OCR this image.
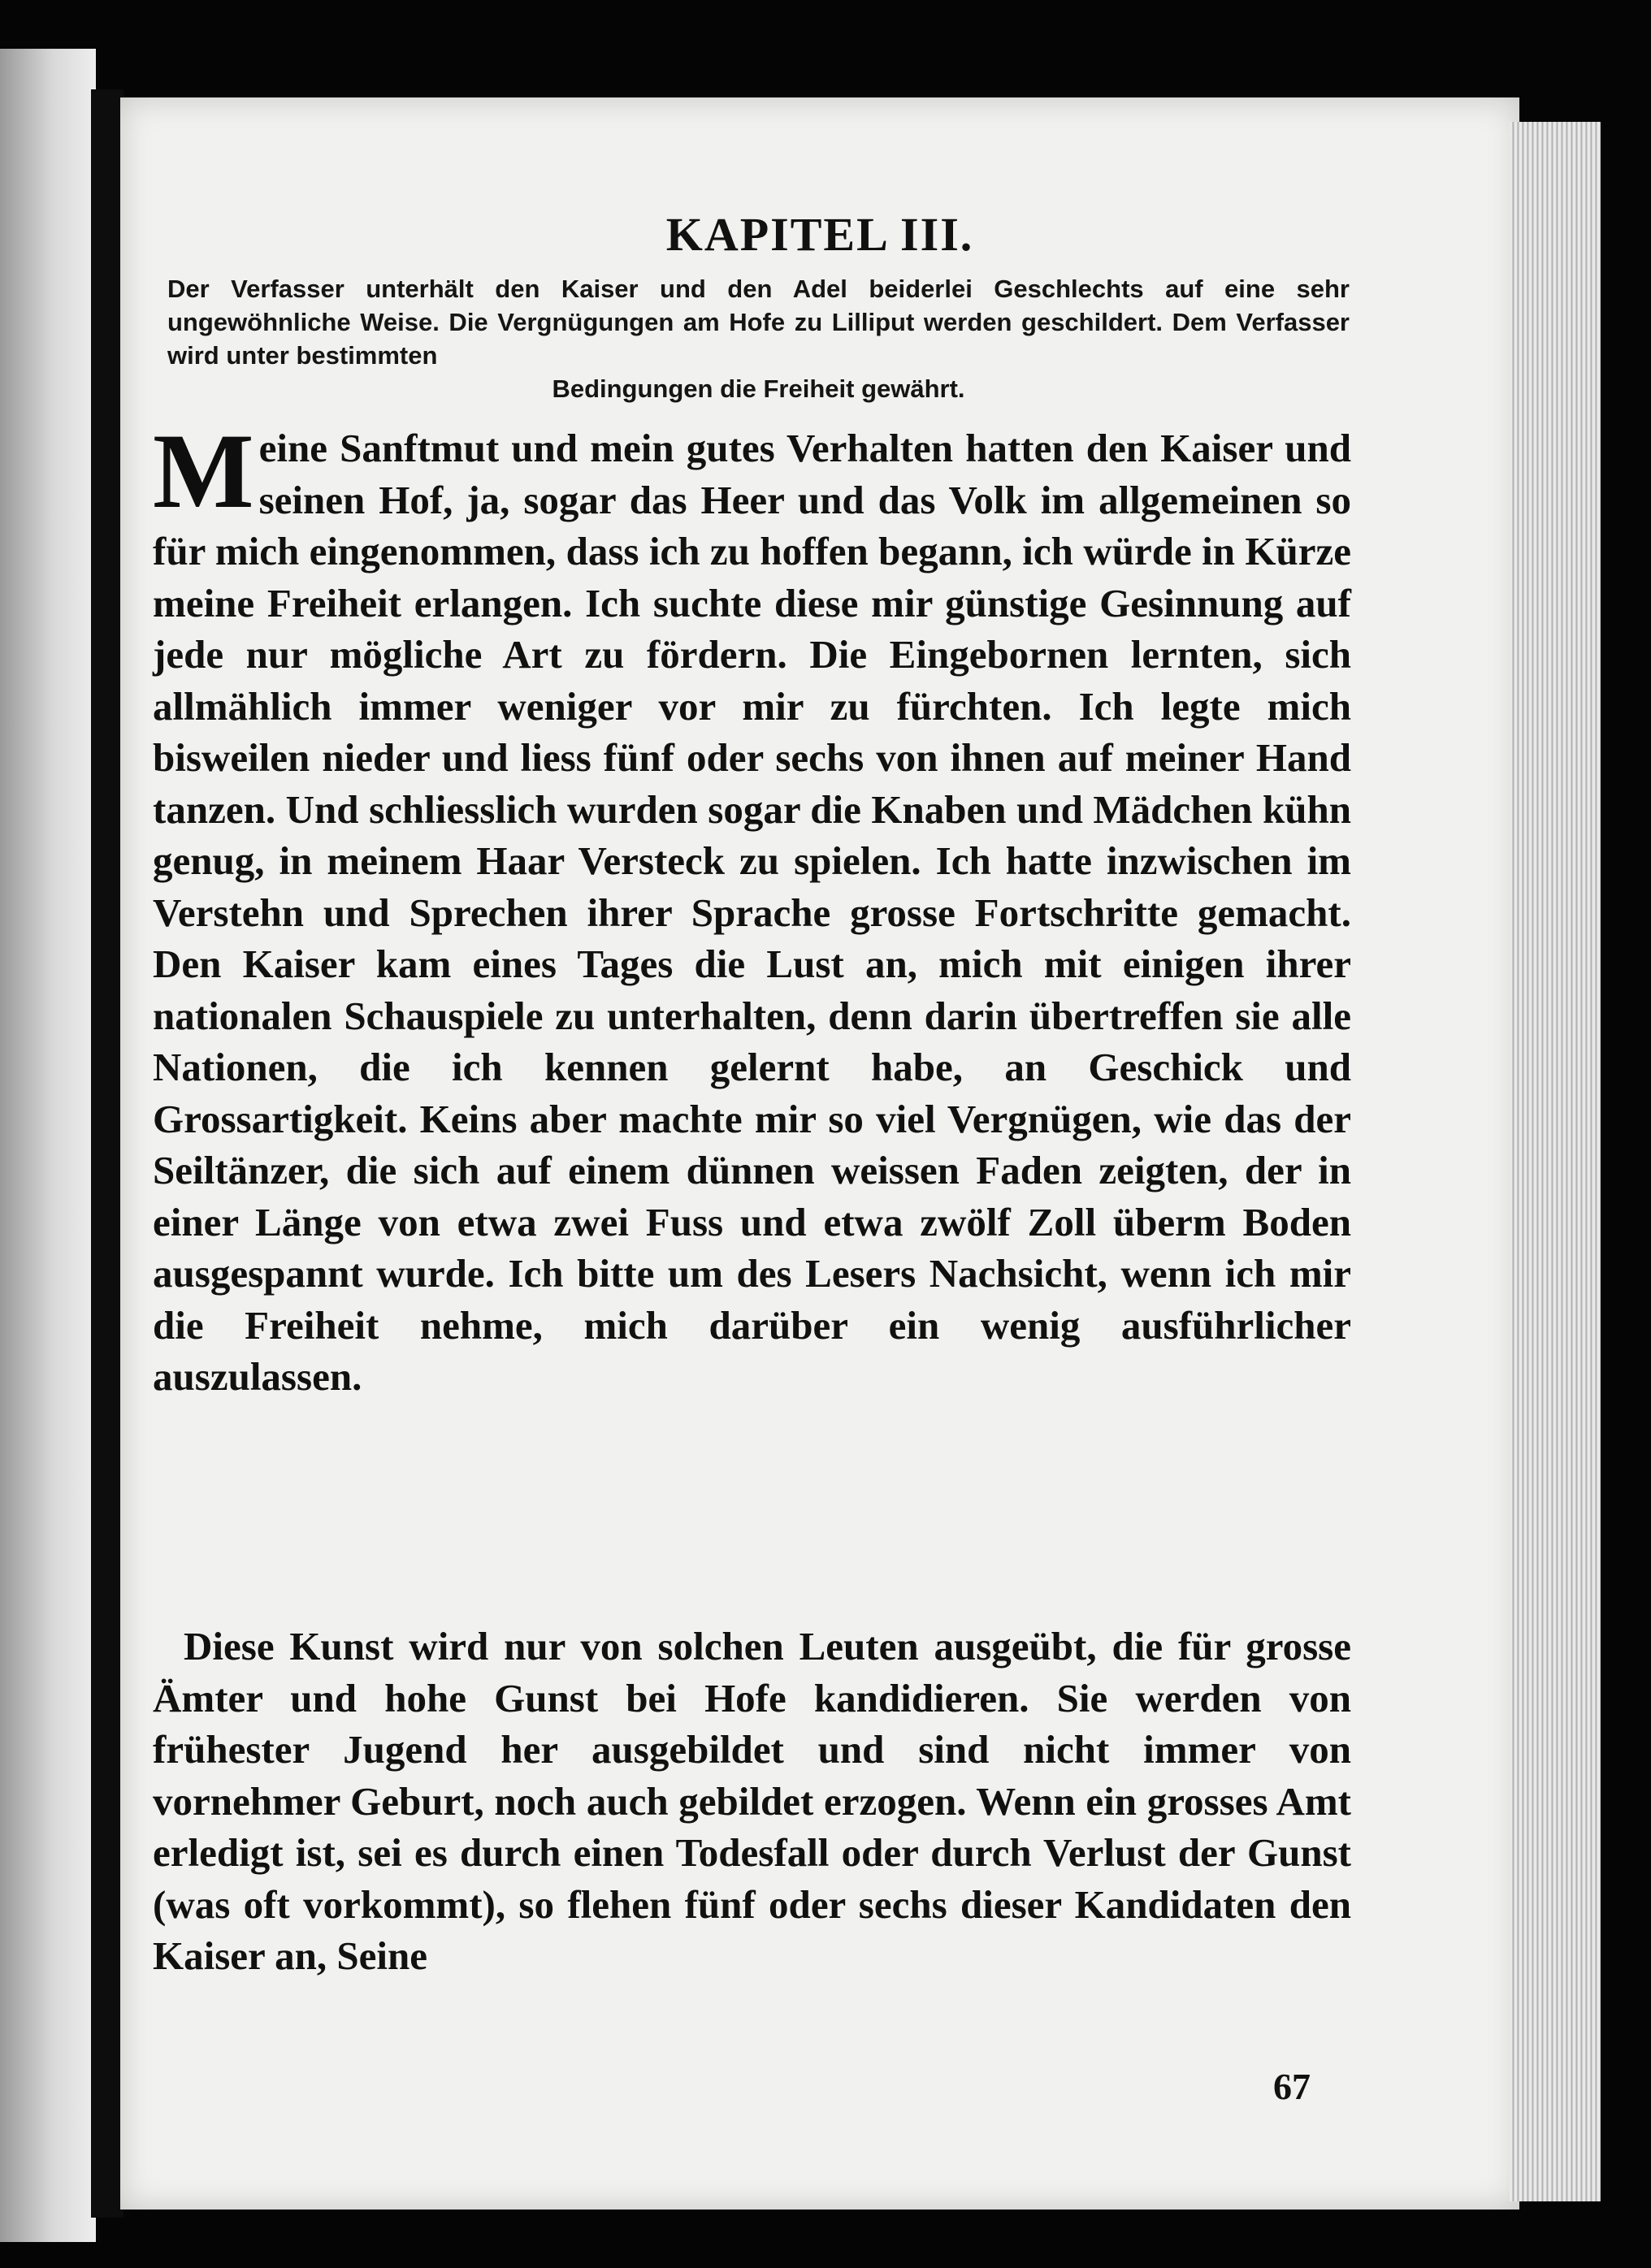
KAPITEL III.
Der Verfasser unterhält den Kaiser und den Adel beiderlei Geschlechts auf eine sehr ungewöhnliche Weise. Die Vergnügungen am Hofe zu Lilliput werden geschildert. Dem Verfasser wird unter bestimmten
Bedingungen die Freiheit gewährt.
M eine Sanftmut und mein gutes Verhalten hatten den Kaiser und seinen Hof, ja, sogar das Heer und das Volk im allgemeinen so für mich eingenommen, dass ich zu hoffen begann, ich würde in Kürze meine Freiheit erlangen. Ich suchte diese mir günstige Gesinnung auf jede nur mögliche Art zu fördern. Die Eingebornen lernten, sich allmählich immer weniger vor mir zu fürchten. Ich legte mich bisweilen nieder und liess fünf oder sechs von ihnen auf meiner Hand tanzen. Und schliesslich wurden sogar die Knaben und Mädchen kühn genug, in meinem Haar Versteck zu spielen. Ich hatte inzwischen im Verstehn und Sprechen ihrer Sprache grosse Fortschritte gemacht. Den Kaiser kam eines Tages die Lust an, mich mit einigen ihrer nationalen Schauspiele zu unterhalten, denn darin übertreffen sie alle Nationen, die ich kennen gelernt habe, an Geschick und Grossartigkeit. Keins aber machte mir so viel Vergnügen, wie das der Seiltänzer, die sich auf einem dünnen weissen Faden zeigten, der in einer Länge von etwa zwei Fuss und etwa zwölf Zoll überm Boden ausgespannt wurde. Ich bitte um des Lesers Nachsicht, wenn ich mir die Freiheit nehme, mich darüber ein wenig ausführlicher auszulassen.
Diese Kunst wird nur von solchen Leuten ausgeübt, die für grosse Ämter und hohe Gunst bei Hofe kandidieren. Sie werden von frühester Jugend her ausgebildet und sind nicht immer von vornehmer Geburt, noch auch gebildet erzogen. Wenn ein grosses Amt erledigt ist, sei es durch einen Todesfall oder durch Verlust der Gunst (was oft vorkommt), so flehen fünf oder sechs dieser Kandidaten den Kaiser an, Seine
67
